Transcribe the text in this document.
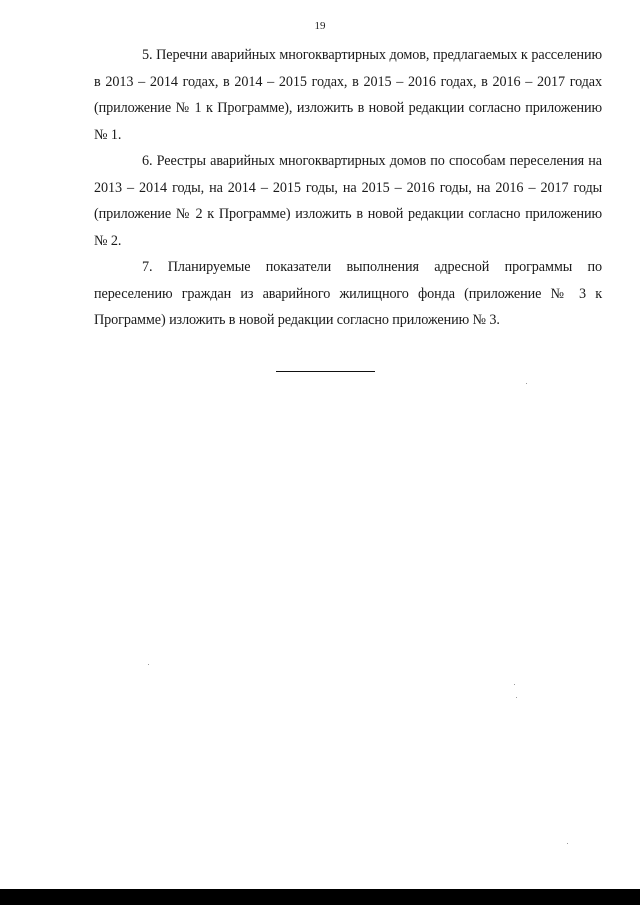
19

5. Перечни аварийных многоквартирных домов, предлагаемых к расселению в 2013 – 2014 годах, в 2014 – 2015 годах, в 2015 – 2016 годах, в 2016 – 2017 годах (приложение № 1 к Программе), изложить в новой редакции согласно приложению № 1.

6. Реестры аварийных многоквартирных домов по способам переселения на 2013 – 2014 годы, на 2014 – 2015 годы, на 2015 – 2016 годы, на 2016 – 2017 годы (приложение № 2 к Программе) изложить в новой редакции согласно приложению № 2.

7. Планируемые показатели выполнения адресной программы по переселению граждан из аварийного жилищного фонда (приложение № 3 к Программе) изложить в новой редакции согласно приложению № 3.
